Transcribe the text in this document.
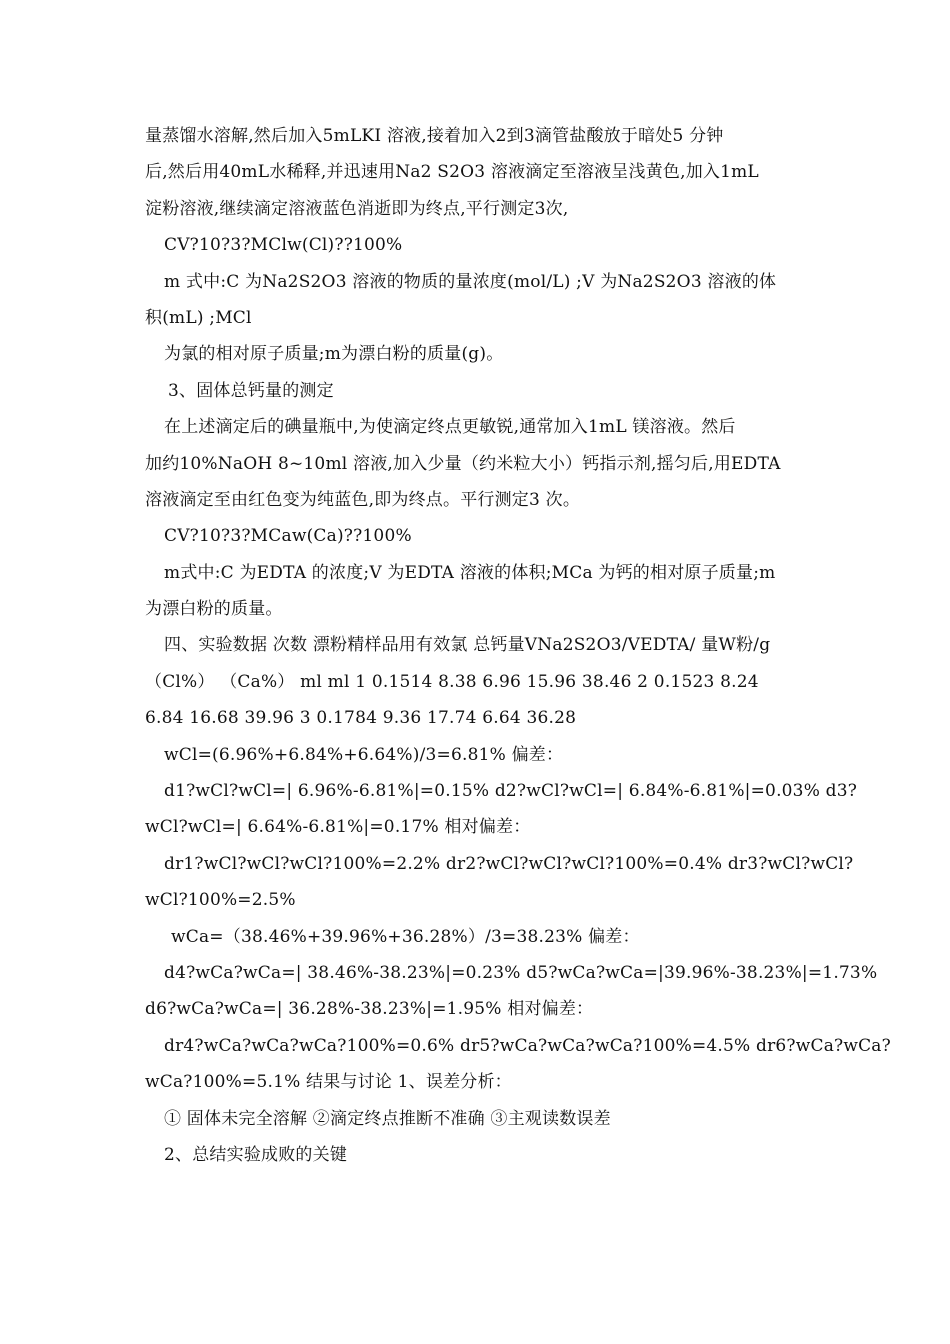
量蒸馏水溶解,然后加入5mLKI 溶液,接着加入2到3滴管盐酸放于暗处5 分钟
后,然后用40mL水稀释,并迅速用Na2 S2O3 溶液滴定至溶液呈浅黄色,加入1mL
淀粉溶液,继续滴定溶液蓝色消逝即为终点,平行测定3次,
CV?10?3?MClw(Cl)??100%
m 式中:C 为Na2S2O3 溶液的物质的量浓度(mol/L) ;V 为Na2S2O3 溶液的体
积(mL) ;MCl
为氯的相对原子质量;m为漂白粉的质量(g)。
3、固体总钙量的测定
在上述滴定后的碘量瓶中,为使滴定终点更敏锐,通常加入1mL 镁溶液。然后
加约10%NaOH 8~10ml 溶液,加入少量（约米粒大小）钙指示剂,摇匀后,用EDTA
溶液滴定至由红色变为纯蓝色,即为终点。平行测定3 次。
CV?10?3?MCaw(Ca)??100%
m式中:C 为EDTA 的浓度;V 为EDTA 溶液的体积;MCa 为钙的相对原子质量;m
为漂白粉的质量。
四、实验数据 次数 漂粉精样品用有效氯 总钙量VNa2S2O3/VEDTA/ 量W粉/g
（Cl%） （Ca%） ml ml 1 0.1514 8.38 6.96 15.96 38.46 2 0.1523 8.24
6.84 16.68 39.96 3 0.1784 9.36 17.74 6.64 36.28
wCl=(6.96%+6.84%+6.64%)/3=6.81% 偏差：
d1?wCl?wCl=| 6.96%-6.81%|=0.15% d2?wCl?wCl=| 6.84%-6.81%|=0.03% d3?
wCl?wCl=| 6.64%-6.81%|=0.17% 相对偏差：
dr1?wCl?wCl?wCl?100%=2.2% dr2?wCl?wCl?wCl?100%=0.4% dr3?wCl?wCl?
wCl?100%=2.5%
wCa=（38.46%+39.96%+36.28%）/3=38.23% 偏差：
d4?wCa?wCa=| 38.46%-38.23%|=0.23% d5?wCa?wCa=|39.96%-38.23%|=1.73%
d6?wCa?wCa=| 36.28%-38.23%|=1.95% 相对偏差：
dr4?wCa?wCa?wCa?100%=0.6% dr5?wCa?wCa?wCa?100%=4.5% dr6?wCa?wCa?
wCa?100%=5.1% 结果与讨论 1、误差分析：
① 固体未完全溶解 ②滴定终点推断不准确 ③主观读数误差
2、总结实验成败的关键
